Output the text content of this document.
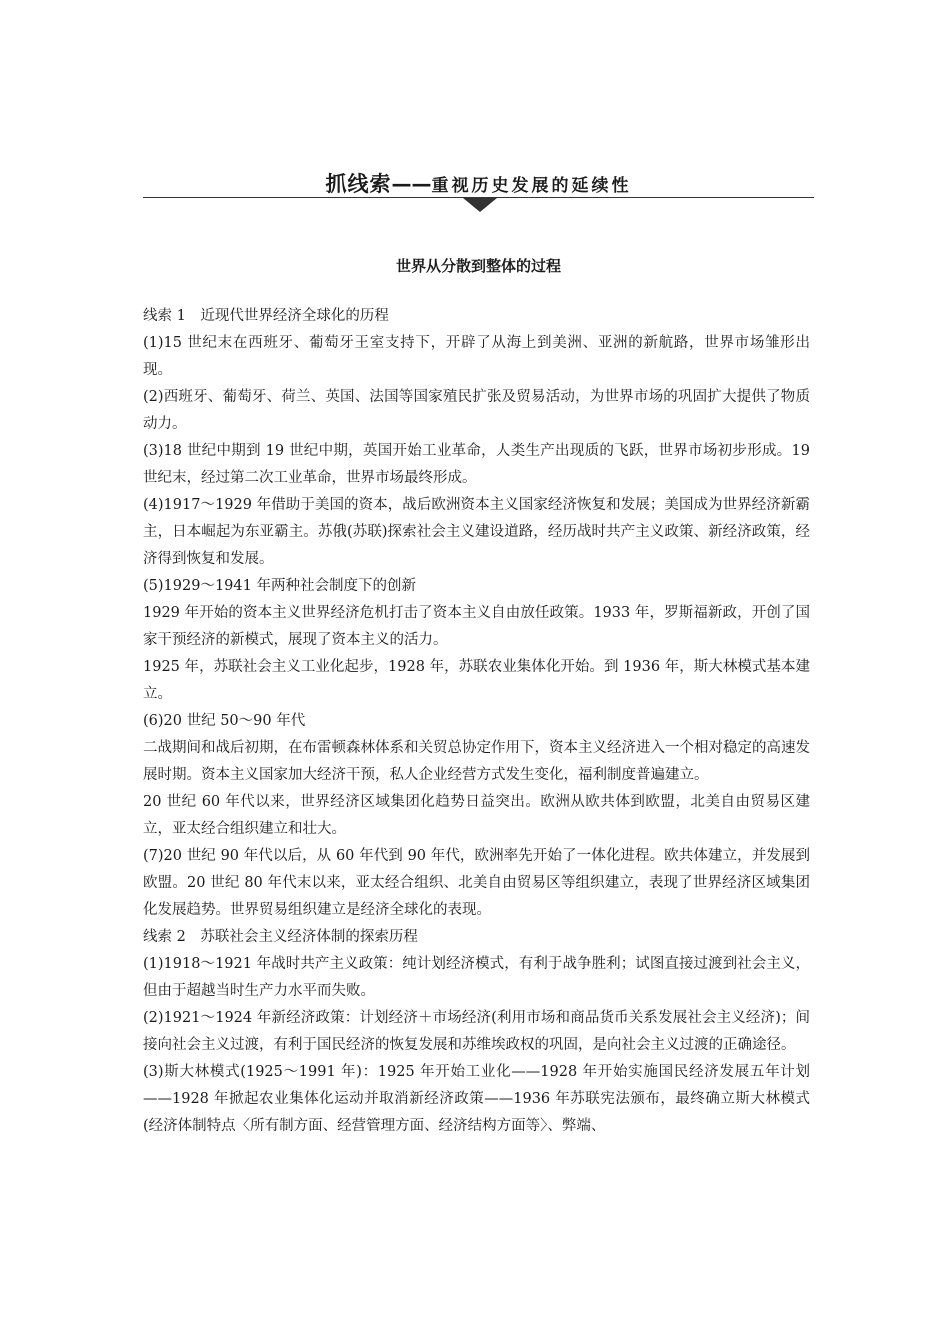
抓线索——重视历史发展的延续性
世界从分散到整体的过程

线索 1　近现代世界经济全球化的历程

(1)15 世纪末在西班牙、葡萄牙王室支持下，开辟了从海上到美洲、亚洲的新航路，世界市场雏形出现。

(2)西班牙、葡萄牙、荷兰、英国、法国等国家殖民扩张及贸易活动，为世界市场的巩固扩大提供了物质动力。

(3)18 世纪中期到 19 世纪中期，英国开始工业革命，人类生产出现质的飞跃，世界市场初步形成。19 世纪末，经过第二次工业革命，世界市场最终形成。

(4)1917～1929 年借助于美国的资本，战后欧洲资本主义国家经济恢复和发展；美国成为世界经济新霸主，日本崛起为东亚霸主。苏俄(苏联)探索社会主义建设道路，经历战时共产主义政策、新经济政策，经济得到恢复和发展。

(5)1929～1941 年两种社会制度下的创新

1929 年开始的资本主义世界经济危机打击了资本主义自由放任政策。1933 年，罗斯福新政，开创了国家干预经济的新模式，展现了资本主义的活力。

1925 年，苏联社会主义工业化起步，1928 年，苏联农业集体化开始。到 1936 年，斯大林模式基本建立。

(6)20 世纪 50～90 年代

二战期间和战后初期，在布雷顿森林体系和关贸总协定作用下，资本主义经济进入一个相对稳定的高速发展时期。资本主义国家加大经济干预，私人企业经营方式发生变化，福利制度普遍建立。

20 世纪 60 年代以来，世界经济区域集团化趋势日益突出。欧洲从欧共体到欧盟，北美自由贸易区建立，亚太经合组织建立和壮大。

(7)20 世纪 90 年代以后，从 60 年代到 90 年代，欧洲率先开始了一体化进程。欧共体建立，并发展到欧盟。20 世纪 80 年代末以来，亚太经合组织、北美自由贸易区等组织建立，表现了世界经济区域集团化发展趋势。世界贸易组织建立是经济全球化的表现。

线索 2　苏联社会主义经济体制的探索历程

(1)1918～1921 年战时共产主义政策：纯计划经济模式，有利于战争胜利；试图直接过渡到社会主义，但由于超越当时生产力水平而失败。

(2)1921～1924 年新经济政策：计划经济＋市场经济(利用市场和商品货币关系发展社会主义经济)；间接向社会主义过渡，有利于国民经济的恢复发展和苏维埃政权的巩固，是向社会主义过渡的正确途径。

(3)斯大林模式(1925～1991 年)：1925 年开始工业化——1928 年开始实施国民经济发展五年计划——1928 年掀起农业集体化运动并取消新经济政策——1936 年苏联宪法颁布，最终确立斯大林模式(经济体制特点〈所有制方面、经营管理方面、经济结构方面等〉、弊端、
